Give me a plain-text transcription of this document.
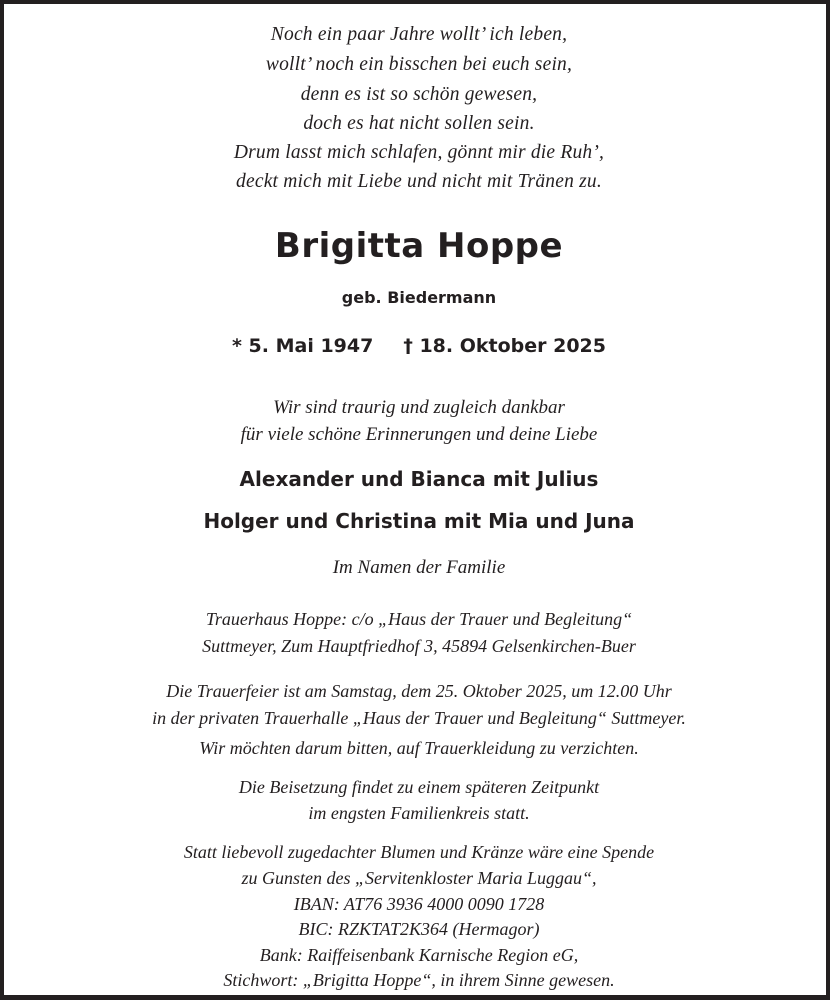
Noch ein paar Jahre wollt’ ich leben,
wollt’ noch ein bisschen bei euch sein,
denn es ist so schön gewesen,
doch es hat nicht sollen sein.
Drum lasst mich schlafen, gönnt mir die Ruh’,
deckt mich mit Liebe und nicht mit Tränen zu.
Brigitta Hoppe
geb. Biedermann
* 5. Mai 1947 † 18. Oktober 2025
Wir sind traurig und zugleich dankbar
für viele schöne Erinnerungen und deine Liebe
Alexander und Bianca mit Julius
Holger und Christina mit Mia und Juna
Im Namen der Familie
Trauerhaus Hoppe: c/o „Haus der Trauer und Begleitung“
Suttmeyer, Zum Hauptfriedhof 3, 45894 Gelsenkirchen-Buer
Die Trauerfeier ist am Samstag, dem 25. Oktober 2025, um 12.00 Uhr
in der privaten Trauerhalle „Haus der Trauer und Begleitung“ Suttmeyer.
Wir möchten darum bitten, auf Trauerkleidung zu verzichten.
Die Beisetzung findet zu einem späteren Zeitpunkt
im engsten Familienkreis statt.
Statt liebevoll zugedachter Blumen und Kränze wäre eine Spende
zu Gunsten des „Servitenkloster Maria Luggau“,
IBAN: AT76 3936 4000 0090 1728
BIC: RZKTAT2K364 (Hermagor)
Bank: Raiffeisenbank Karnische Region eG,
Stichwort: „Brigitta Hoppe“, in ihrem Sinne gewesen.
